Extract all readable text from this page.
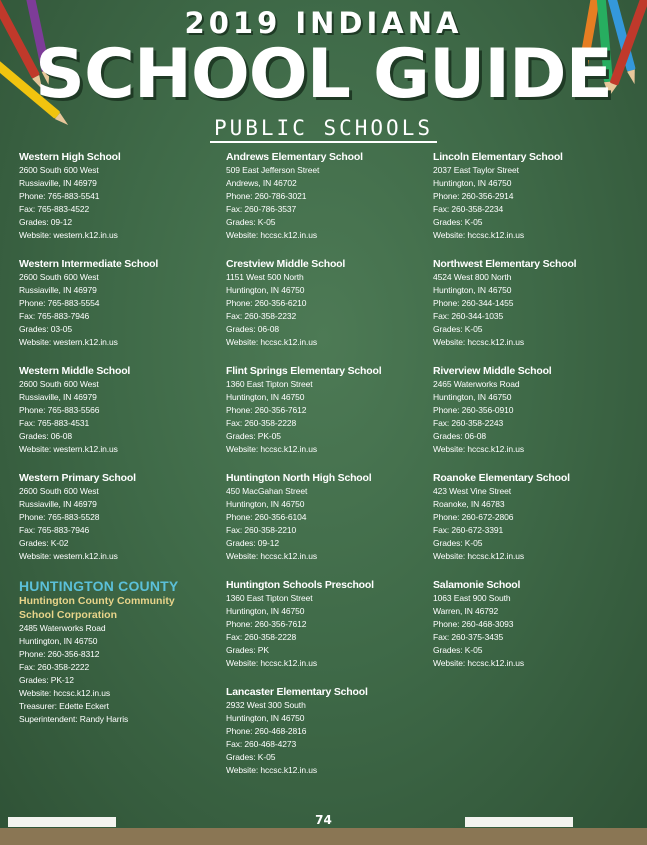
2019 INDIANA
SCHOOL GUIDE
PUBLIC SCHOOLS
Western High School
2600 South 600 West
Russiaville, IN 46979
Phone: 765-883-5541
Fax: 765-883-4522
Grades: 09-12
Website: western.k12.in.us
Western Intermediate School
2600 South 600 West
Russiaville, IN 46979
Phone: 765-883-5554
Fax: 765-883-7946
Grades: 03-05
Website: western.k12.in.us
Western Middle School
2600 South 600 West
Russiaville, IN 46979
Phone: 765-883-5566
Fax: 765-883-4531
Grades: 06-08
Website: western.k12.in.us
Western Primary School
2600 South 600 West
Russiaville, IN 46979
Phone: 765-883-5528
Fax: 765-883-7946
Grades: K-02
Website: western.k12.in.us
HUNTINGTON COUNTY
Huntington County Community
School Corporation
2485 Waterworks Road
Huntington, IN 46750
Phone: 260-356-8312
Fax: 260-358-2222
Grades: PK-12
Website: hccsc.k12.in.us
Treasurer: Edette Eckert
Superintendent: Randy Harris
Andrews Elementary School
509 East Jefferson Street
Andrews, IN 46702
Phone: 260-786-3021
Fax: 260-786-3537
Grades: K-05
Website: hccsc.k12.in.us
Crestview Middle School
1151 West 500 North
Huntington, IN 46750
Phone: 260-356-6210
Fax: 260-358-2232
Grades: 06-08
Website: hccsc.k12.in.us
Flint Springs Elementary School
1360 East Tipton Street
Huntington, IN 46750
Phone: 260-356-7612
Fax: 260-358-2228
Grades: PK-05
Website: hccsc.k12.in.us
Huntington North High School
450 MacGahan Street
Huntington, IN 46750
Phone: 260-356-6104
Fax: 260-358-2210
Grades: 09-12
Website: hccsc.k12.in.us
Huntington Schools Preschool
1360 East Tipton Street
Huntington, IN 46750
Phone: 260-356-7612
Fax: 260-358-2228
Grades: PK
Website: hccsc.k12.in.us
Lancaster Elementary School
2932 West 300 South
Huntington, IN 46750
Phone: 260-468-2816
Fax: 260-468-4273
Grades: K-05
Website: hccsc.k12.in.us
Lincoln Elementary School
2037 East Taylor Street
Huntington, IN 46750
Phone: 260-356-2914
Fax: 260-358-2234
Grades: K-05
Website: hccsc.k12.in.us
Northwest Elementary School
4524 West 800 North
Huntington, IN 46750
Phone: 260-344-1455
Fax: 260-344-1035
Grades: K-05
Website: hccsc.k12.in.us
Riverview Middle School
2465 Waterworks Road
Huntington, IN 46750
Phone: 260-356-0910
Fax: 260-358-2243
Grades: 06-08
Website: hccsc.k12.in.us
Roanoke Elementary School
423 West Vine Street
Roanoke, IN 46783
Phone: 260-672-2806
Fax: 260-672-3391
Grades: K-05
Website: hccsc.k12.in.us
Salamonie School
1063 East 900 South
Warren, IN 46792
Phone: 260-468-3093
Fax: 260-375-3435
Grades: K-05
Website: hccsc.k12.in.us
74
